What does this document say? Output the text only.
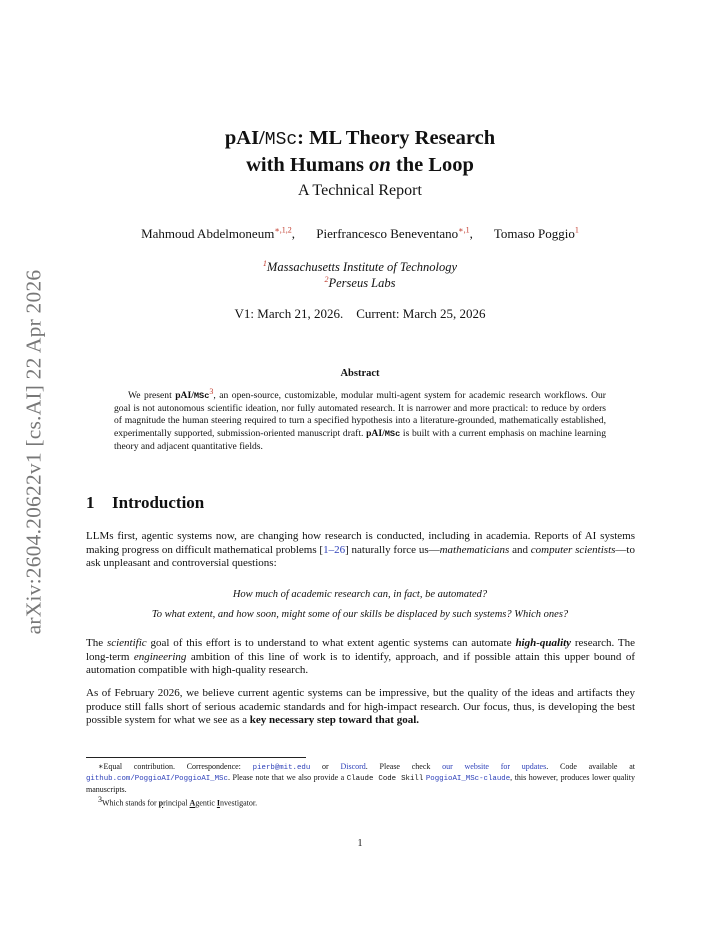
arXiv:2604.20622v1 [cs.AI] 22 Apr 2026
pAI/MSc: ML Theory Research
with Humans on the Loop
A Technical Report
Mahmoud Abdelmoneum$^{∗,1,2}$, Pierfrancesco Beneventano$^{∗,1}$, Tomaso Poggio$^1$
$^1$Massachusetts Institute of Technology
$^2$Perseus Labs
V1: March 21, 2026. Current: March 25, 2026
Abstract
We present pAI/MSc$^3$, an open-source, customizable, modular multi-agent system for academic research workflows. Our goal is not autonomous scientific ideation, nor fully automated research. It is narrower and more practical: to reduce by orders of magnitude the human steering required to turn a specified hypothesis into a literature-grounded, mathematically established, experimentally supported, submission-oriented manuscript draft. pAI/MSc is built with a current emphasis on machine learning theory and adjacent quantitative fields.
1 Introduction
LLMs first, agentic systems now, are changing how research is conducted, including in academia. Reports of AI systems making progress on difficult mathematical problems [1–26] naturally force us—mathematicians and computer scientists—to ask unpleasant and controversial questions:
How much of academic research can, in fact, be automated?
To what extent, and how soon, might some of our skills be displaced by such systems? Which ones?
The scientific goal of this effort is to understand to what extent agentic systems can automate high-quality research. The long-term engineering ambition of this line of work is to identify, approach, and if possible attain this upper bound of automation compatible with high-quality research.
As of February 2026, we believe current agentic systems can be impressive, but the quality of the ideas and artifacts they produce still falls short of serious academic standards and for high-impact research. Our focus, thus, is developing the best possible system for what we see as a key necessary step toward that goal.
∗Equal contribution. Correspondence: pierb@mit.edu or Discord. Please check our website for updates. Code available at github.com/PoggioAI/PoggioAI_MSc. Please note that we also provide a Claude Code Skill PoggioAI_MSc-claude, this however, produces lower quality manuscripts.
$^3$Which stands for principal Agentic Investigator.
1
